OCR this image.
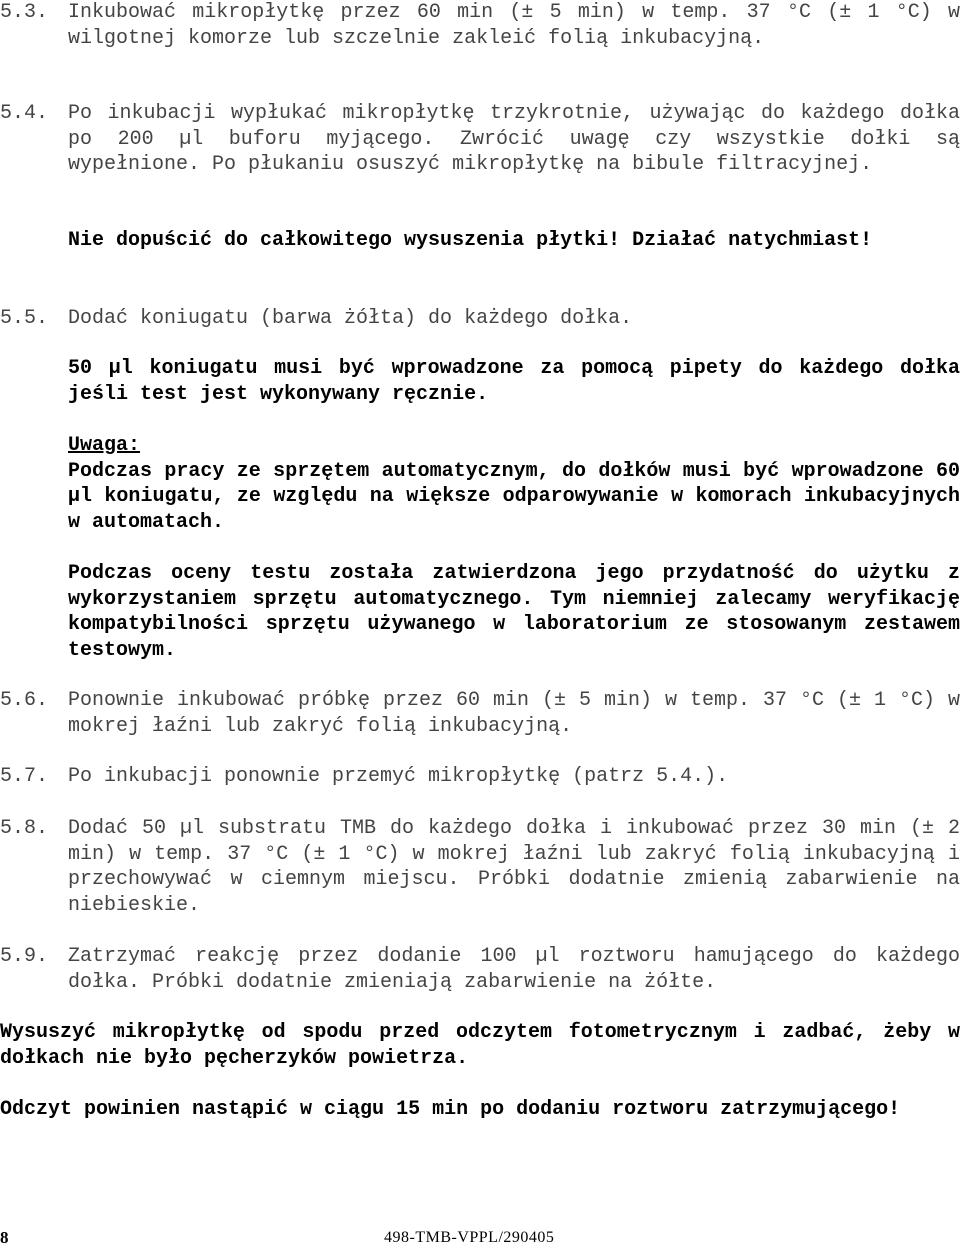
5.3. Inkubować mikropłytkę przez 60 min (± 5 min) w temp. 37 °C (± 1 °C) w wilgotnej komorze lub szczelnie zakleić folią inkubacyjną.
5.4. Po inkubacji wypłukać mikropłytkę trzykrotnie, używając do każdego dołka po 200 µl buforu myjącego. Zwrócić uwagę czy wszystkie dołki są wypełnione. Po płukaniu osuszyć mikropłytkę na bibule filtracyjnej.
Nie dopuścić do całkowitego wysuszenia płytki! Działać natychmiast!
5.5. Dodać koniugatu (barwa żółta) do każdego dołka.
50 µl koniugatu musi być wprowadzone za pomocą pipety do każdego dołka jeśli test jest wykonywany ręcznie.
Uwaga:
Podczas pracy ze sprzętem automatycznym, do dołków musi być wprowadzone 60 µl koniugatu, ze względu na większe odparowywanie w komorach inkubacyjnych w automatach.
Podczas oceny testu została zatwierdzona jego przydatność do użytku z wykorzystaniem sprzętu automatycznego. Tym niemniej zalecamy weryfikację kompatybilności sprzętu używanego w laboratorium ze stosowanym zestawem testowym.
5.6. Ponownie inkubować próbkę przez 60 min (± 5 min) w temp. 37 °C (± 1 °C) w mokrej łaźni lub zakryć folią inkubacyjną.
5.7. Po inkubacji ponownie przemyć mikropłytkę (patrz 5.4.).
5.8. Dodać 50 µl substratu TMB do każdego dołka i inkubować przez 30 min (± 2 min) w temp. 37 °C (± 1 °C) w mokrej łaźni lub zakryć folią inkubacyjną i przechowywać w ciemnym miejscu. Próbki dodatnie zmienią zabarwienie na niebieskie.
5.9. Zatrzymać reakcję przez dodanie 100 µl roztworu hamującego do każdego dołka. Próbki dodatnie zmieniają zabarwienie na żółte.
Wysuszyć mikropłytkę od spodu przed odczytem fotometrycznym i zadbać, żeby w dołkach nie było pęcherzyków powietrza.
Odczyt powinien nastąpić w ciągu 15 min po dodaniu roztworu zatrzymującego!
8	498-TMB-VPPL/290405
